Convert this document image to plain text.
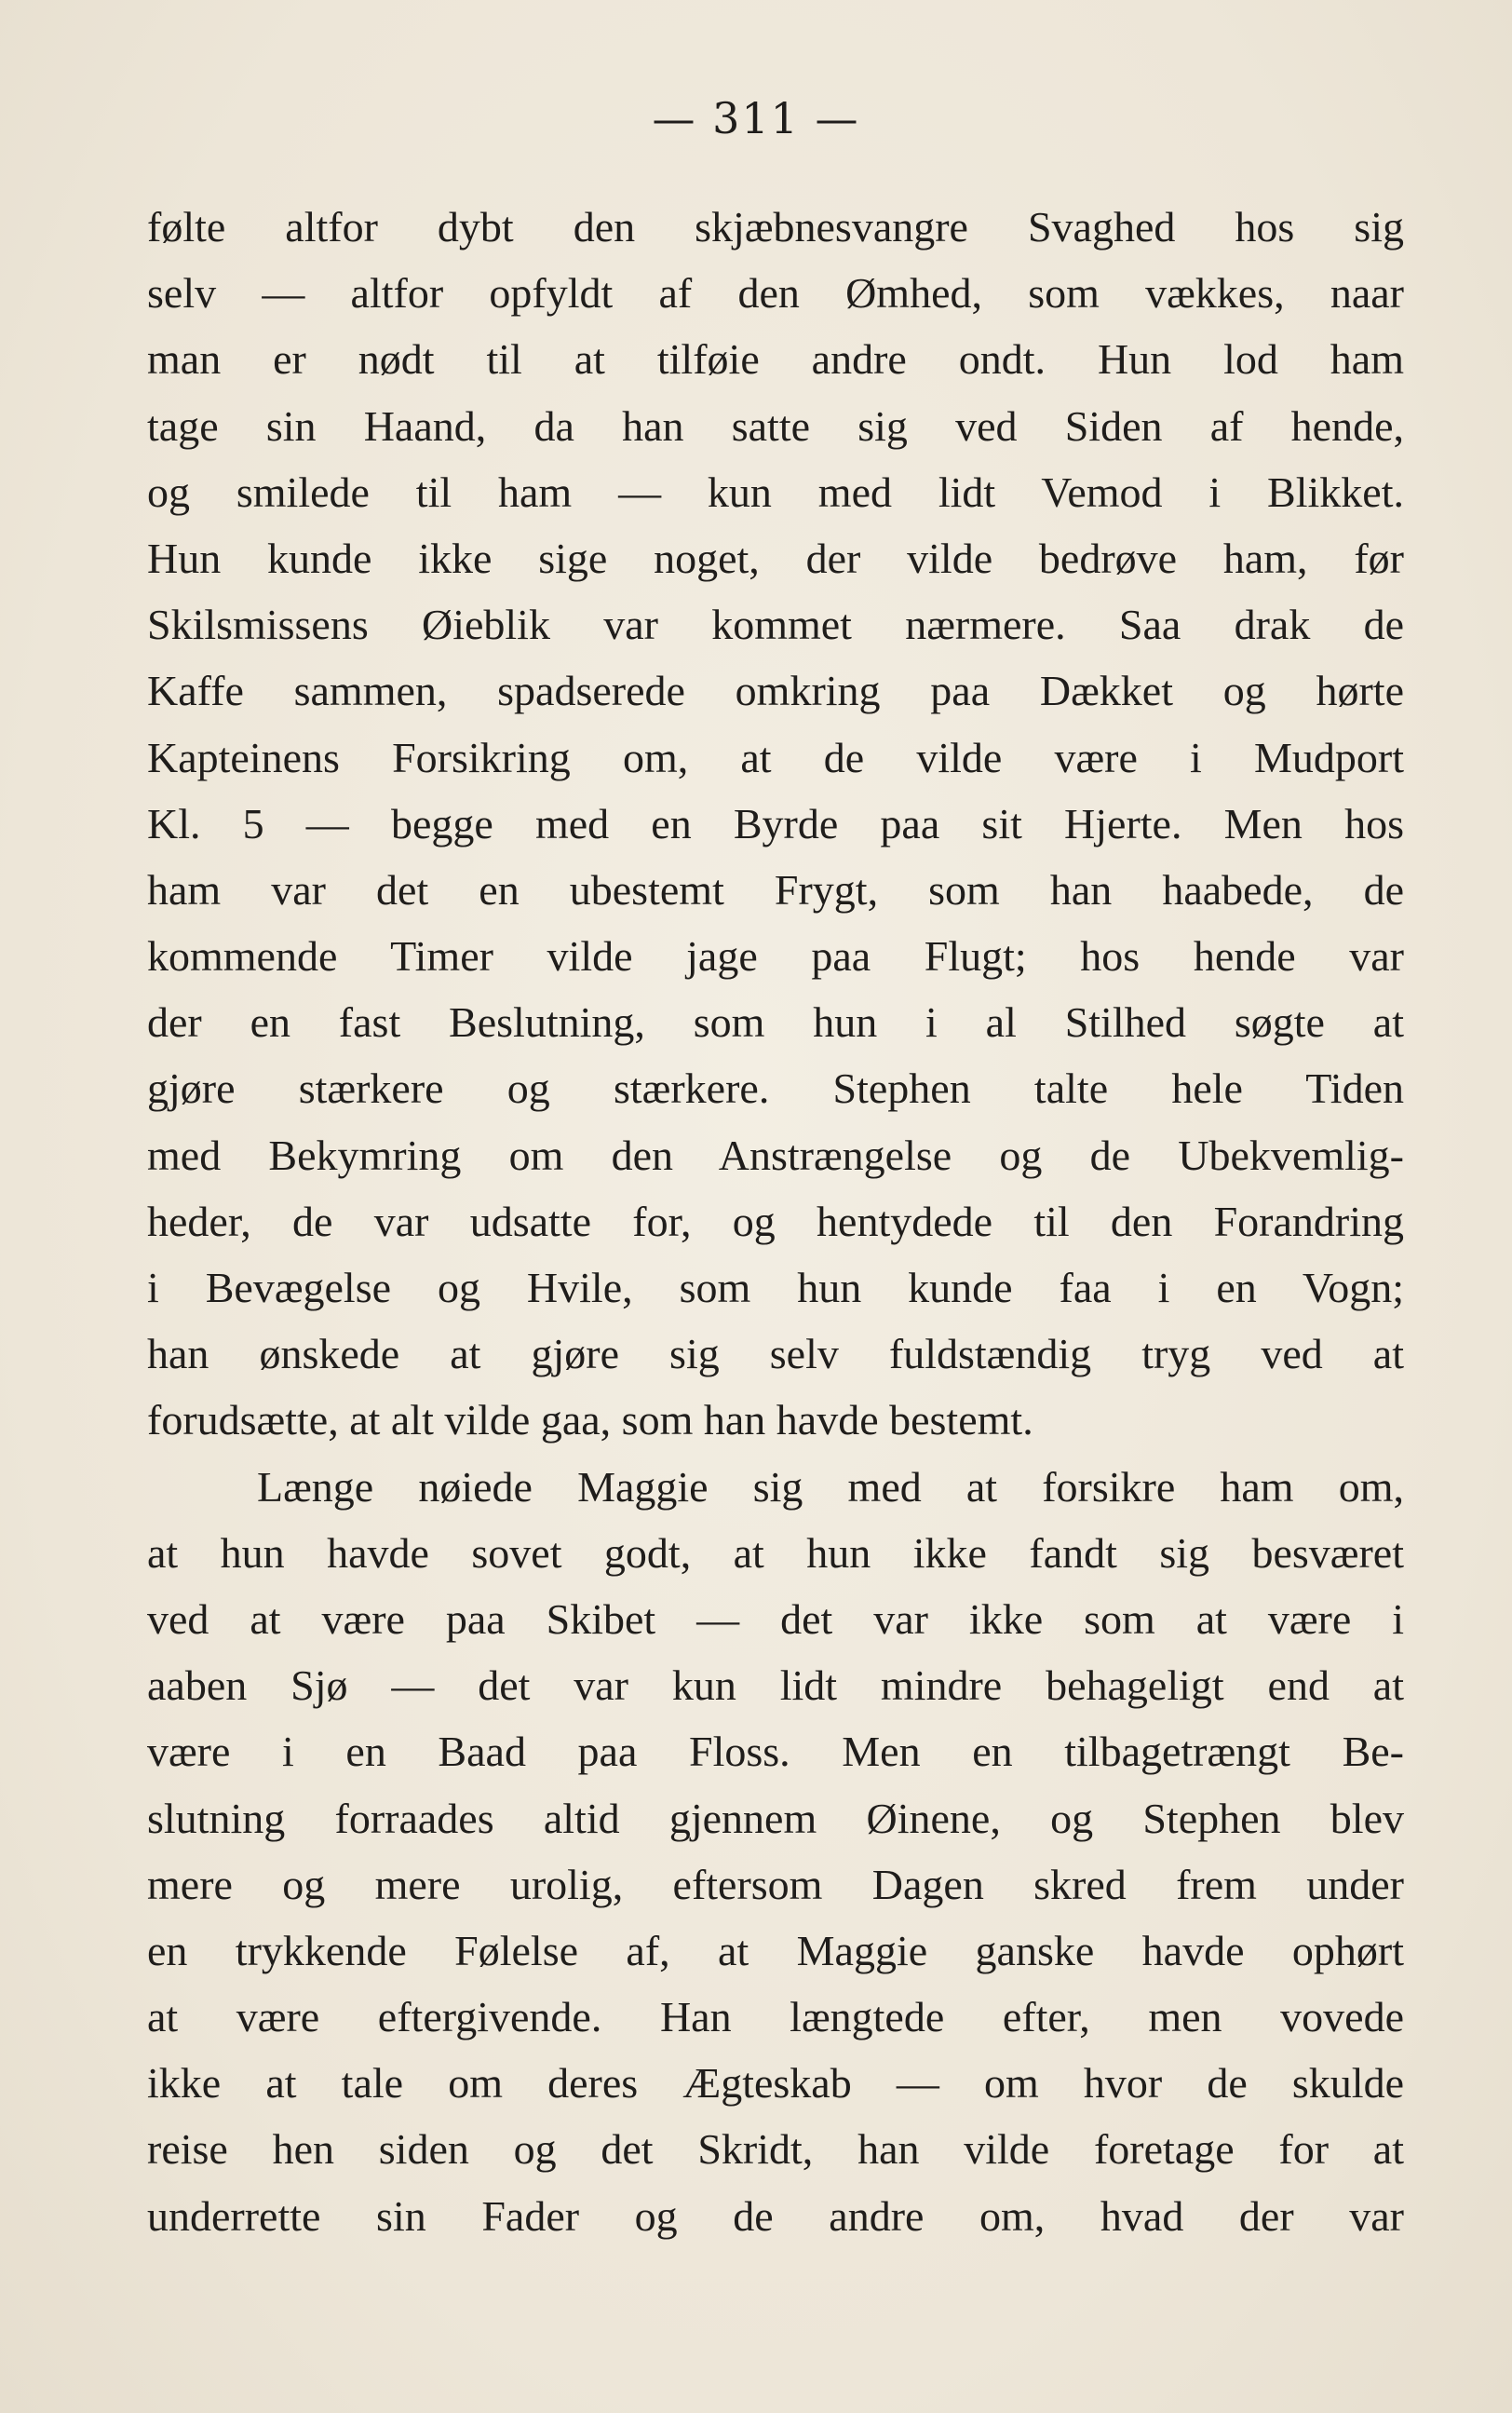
— 311 —
følte altfor dybt den skjæbnesvangre Svaghed hos sig
selv — altfor opfyldt af den Ømhed, som vækkes, naar
man er nødt til at tilføie andre ondt. Hun lod ham
tage sin Haand, da han satte sig ved Siden af hende,
og smilede til ham — kun med lidt Vemod i Blikket.
Hun kunde ikke sige noget, der vilde bedrøve ham, før
Skilsmissens Øieblik var kommet nærmere. Saa drak de
Kaffe sammen, spadserede omkring paa Dækket og hørte
Kapteinens Forsikring om, at de vilde være i Mudport
Kl. 5 — begge med en Byrde paa sit Hjerte. Men hos
ham var det en ubestemt Frygt, som han haabede, de
kommende Timer vilde jage paa Flugt; hos hende var
der en fast Beslutning, som hun i al Stilhed søgte at
gjøre stærkere og stærkere. Stephen talte hele Tiden
med Bekymring om den Anstrængelse og de Ubekvemlig-
heder, de var udsatte for, og hentydede til den Forandring
i Bevægelse og Hvile, som hun kunde faa i en Vogn;
han ønskede at gjøre sig selv fuldstændig tryg ved at
forudsætte, at alt vilde gaa, som han havde bestemt.
Længe nøiede Maggie sig med at forsikre ham om,
at hun havde sovet godt, at hun ikke fandt sig besværet
ved at være paa Skibet — det var ikke som at være i
aaben Sjø — det var kun lidt mindre behageligt end at
være i en Baad paa Floss. Men en tilbagetrængt Be-
slutning forraades altid gjennem Øinene, og Stephen blev
mere og mere urolig, eftersom Dagen skred frem under
en trykkende Følelse af, at Maggie ganske havde ophørt
at være eftergivende. Han længtede efter, men vovede
ikke at tale om deres Ægteskab — om hvor de skulde
reise hen siden og det Skridt, han vilde foretage for at
underrette sin Fader og de andre om, hvad der var
